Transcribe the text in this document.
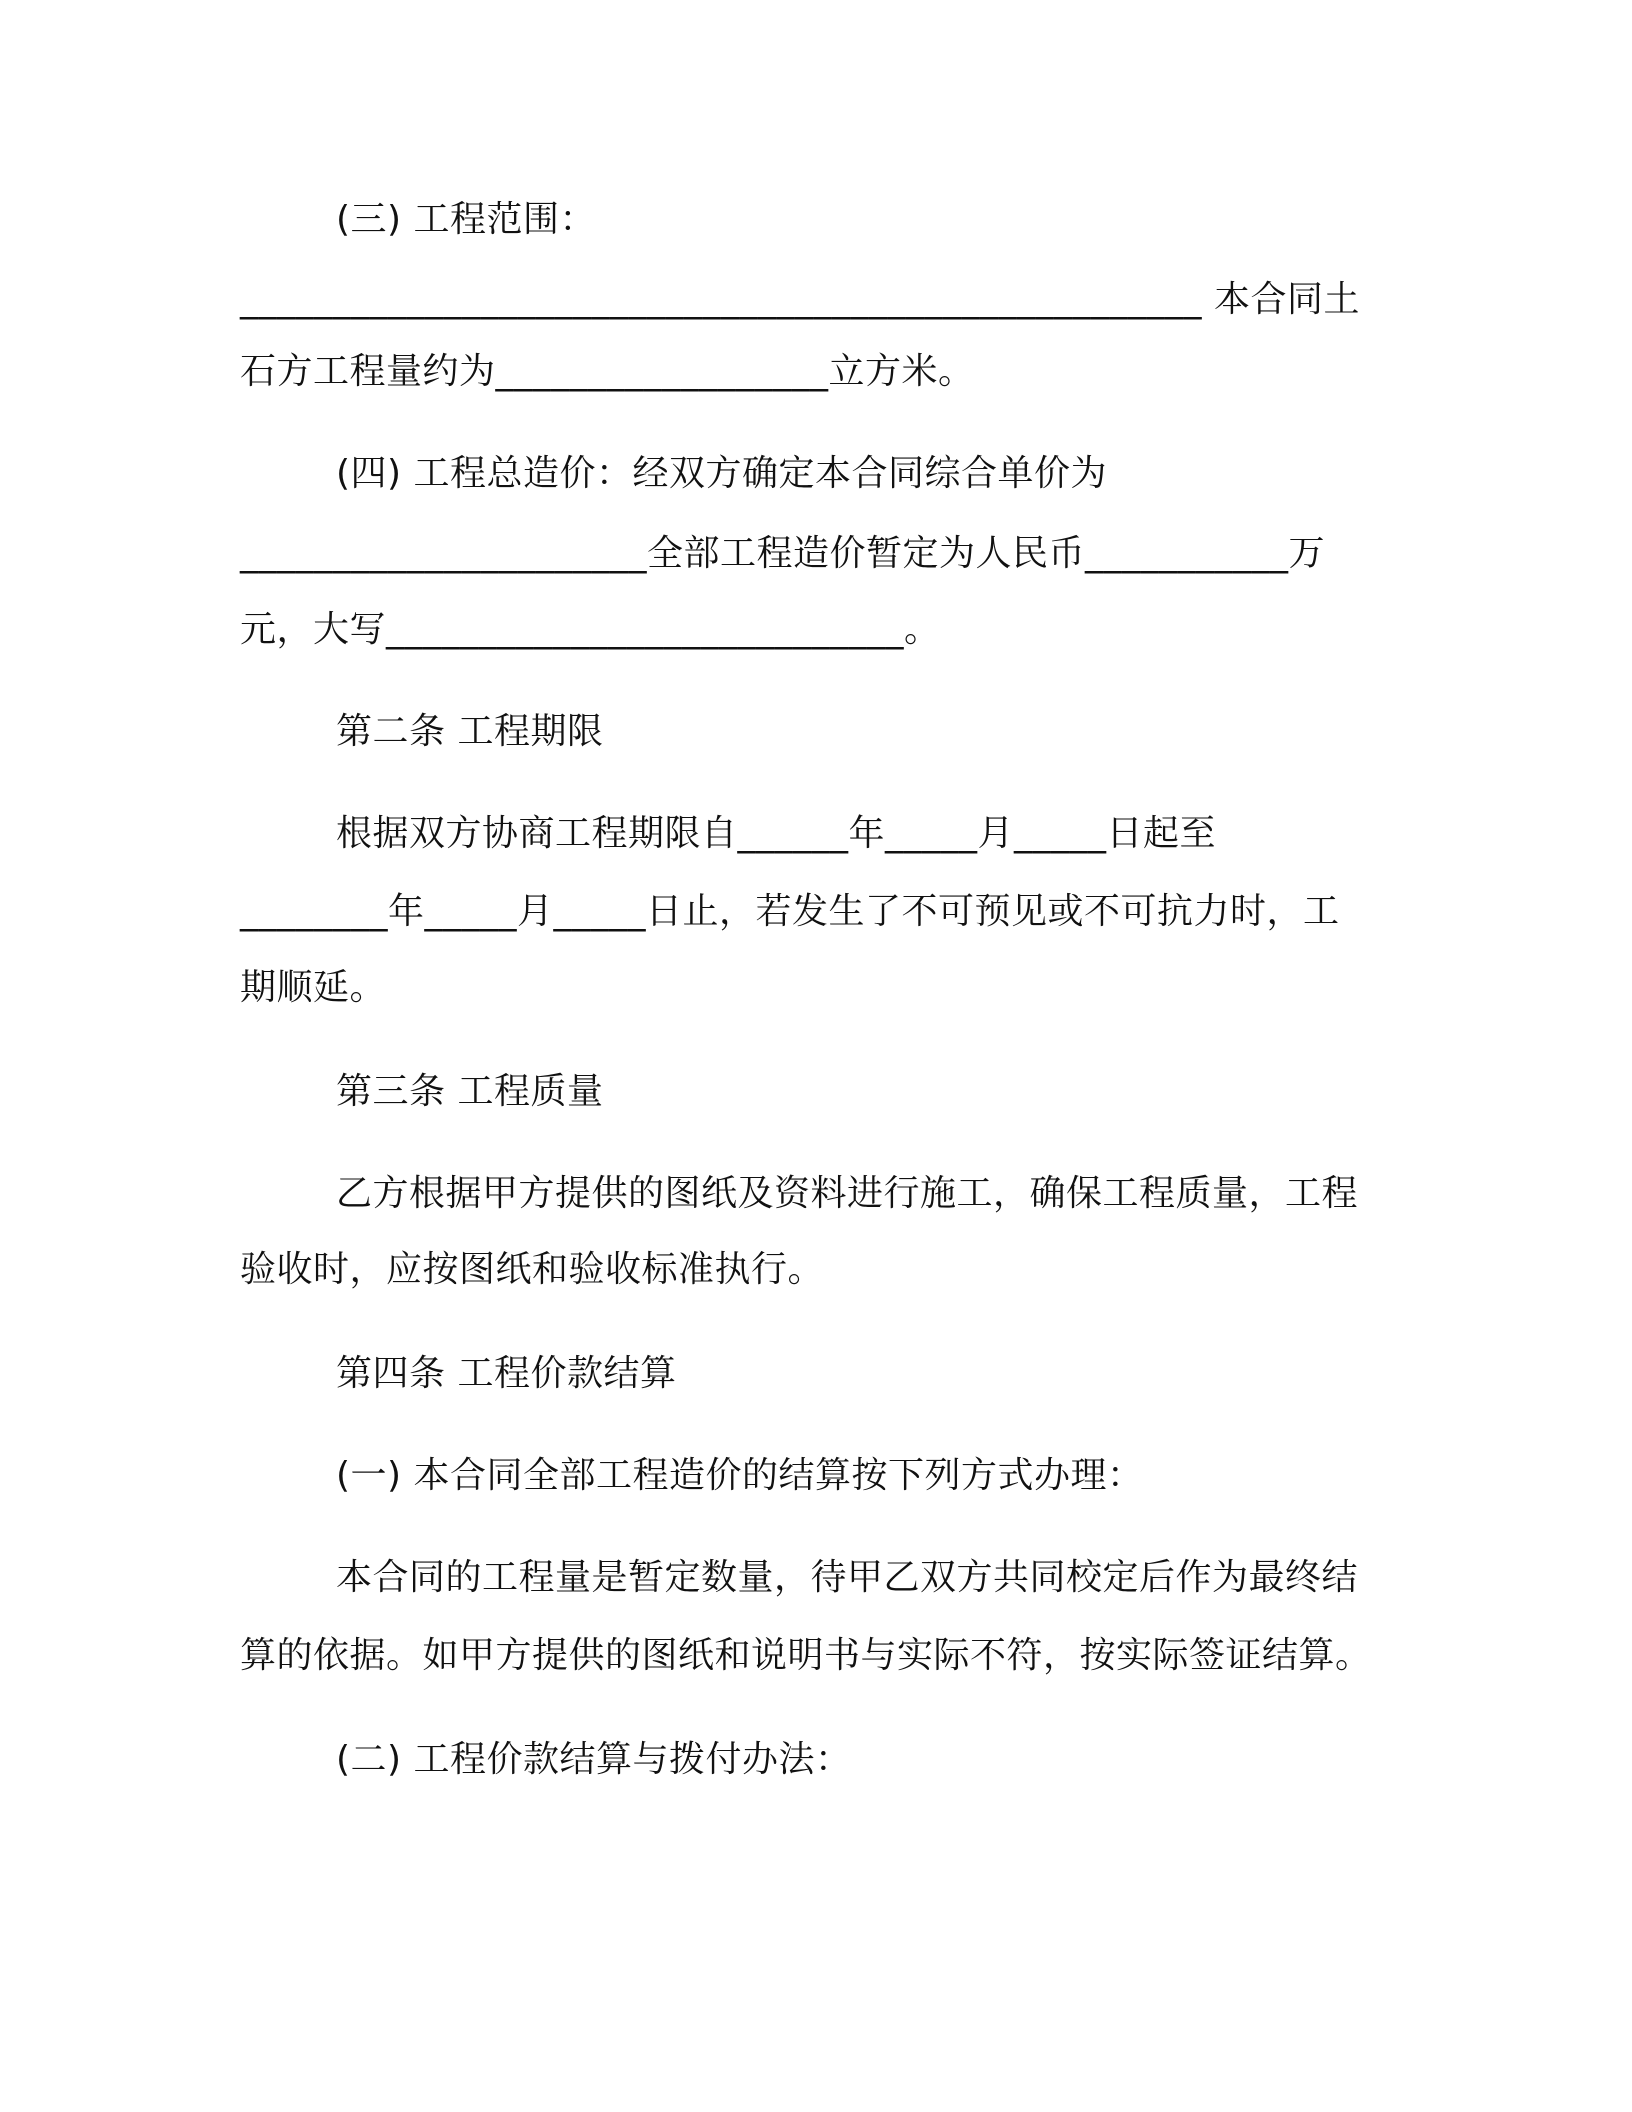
(三) 工程范围：
____________________________________________________ 本合同土
石方工程量约为__________________立方米。
(四) 工程总造价：经双方确定本合同综合单价为
______________________全部工程造价暂定为人民币___________万
元，大写____________________________。
第二条 工程期限
根据双方协商工程期限自______年_____月_____日起至
________年_____月_____日止，若发生了不可预见或不可抗力时，工
期顺延。
第三条 工程质量
乙方根据甲方提供的图纸及资料进行施工，确保工程质量，工程
验收时，应按图纸和验收标准执行。
第四条 工程价款结算
(一) 本合同全部工程造价的结算按下列方式办理：
本合同的工程量是暂定数量，待甲乙双方共同校定后作为最终结
算的依据。如甲方提供的图纸和说明书与实际不符，按实际签证结算。
(二) 工程价款结算与拨付办法：
